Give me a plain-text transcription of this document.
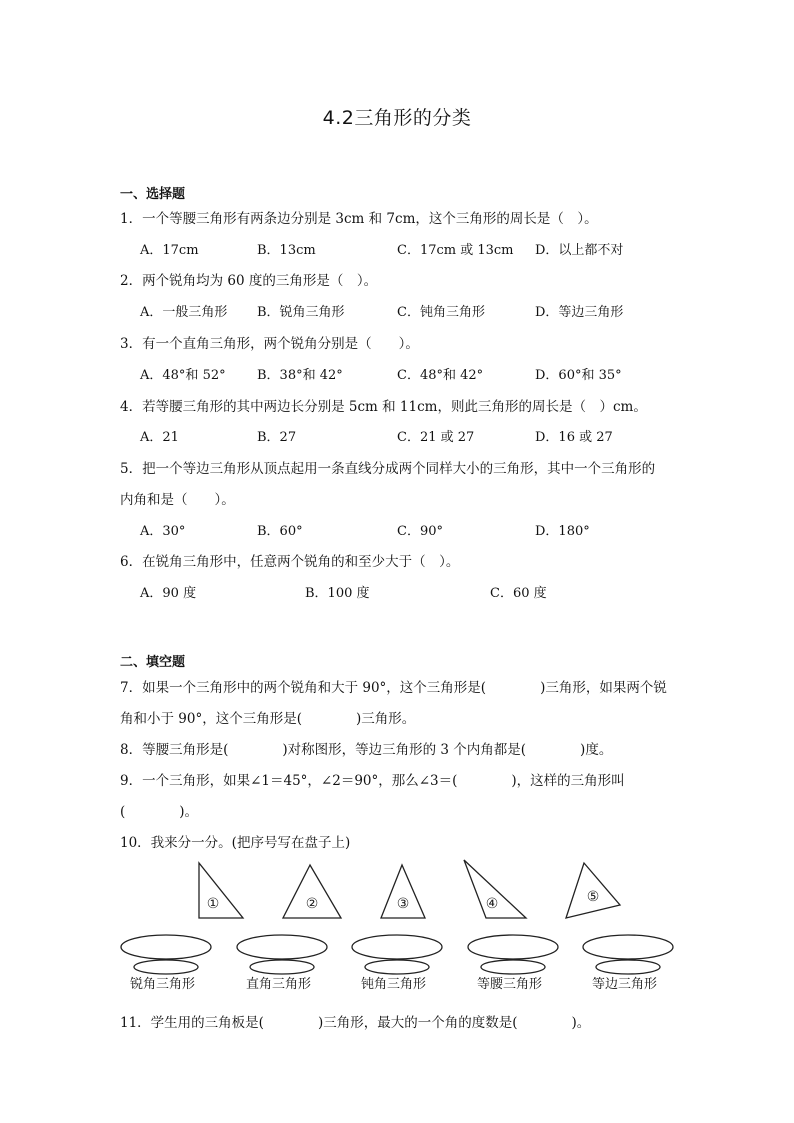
4.2三角形的分类
一、选择题
1．一个等腰三角形有两条边分别是 3cm 和 7cm，这个三角形的周长是（　）。
A．17cm	B．13cm	C．17cm 或 13cm D．以上都不对
2．两个锐角均为 60 度的三角形是（　）。
A．一般三角形 B．锐角三角形	C．钝角三角形	D．等边三角形
3．有一个直角三角形，两个锐角分别是（　　）。
A．48°和 52° B．38°和 42°	C．48°和 42°	D．60°和 35°
4．若等腰三角形的其中两边长分别是 5cm 和 11cm，则此三角形的周长是（　）cm。
A．21	B．27	C．21 或 27	D．16 或 27
5．把一个等边三角形从顶点起用一条直线分成两个同样大小的三角形，其中一个三角形的
内角和是（　　）。
A．30°	B．60°	C．90°	D．180°
6．在锐角三角形中，任意两个锐角的和至少大于（　）。
A．90 度	B．100 度	C．60 度
二、填空题
7．如果一个三角形中的两个锐角和大于 90°，这个三角形是(　　　　)三角形，如果两个锐
角和小于 90°，这个三角形是(　　　　)三角形。
8．等腰三角形是(　　　　)对称图形，等边三角形的 3 个内角都是(　　　　)度。
9．一个三角形，如果∠1＝45°，∠2＝90°，那么∠3＝(　　　　)，这样的三角形叫
(　　　　)。
10．我来分一分。(把序号写在盘子上)
①	②	③	④	⑤
锐角三角形	直角三角形	钝角三角形	等腰三角形	等边三角形
11．学生用的三角板是(　　　　)三角形，最大的一个角的度数是(　　　　)。
